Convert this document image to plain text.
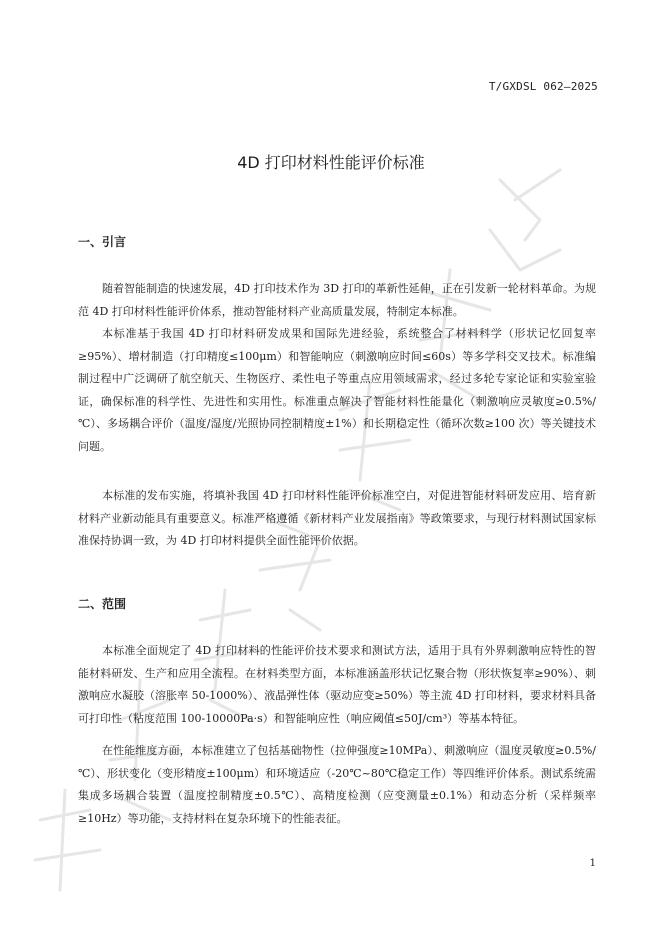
T/GXDSL 062—2025
4D 打印材料性能评价标准
一、引言

随着智能制造的快速发展，4D 打印技术作为 3D 打印的革新性延伸，正在引发新一轮材料革命。为规范 4D 打印材料性能评价体系，推动智能材料产业高质量发展，特制定本标准。

本标准基于我国 4D 打印材料研发成果和国际先进经验，系统整合了材料科学（形状记忆回复率≥95%）、增材制造（打印精度≤100μm）和智能响应（刺激响应时间≤60s）等多学科交叉技术。标准编制过程中广泛调研了航空航天、生物医疗、柔性电子等重点应用领域需求，经过多轮专家论证和实验室验证，确保标准的科学性、先进性和实用性。标准重点解决了智能材料性能量化（刺激响应灵敏度≥0.5%/℃）、多场耦合评价（温度/湿度/光照协同控制精度±1%）和长期稳定性（循环次数≥100 次）等关键技术问题。

本标准的发布实施，将填补我国 4D 打印材料性能评价标准空白，对促进智能材料研发应用、培育新材料产业新动能具有重要意义。标准严格遵循《新材料产业发展指南》等政策要求，与现行材料测试国家标准保持协调一致，为 4D 打印材料提供全面性能评价依据。

二、范围

本标准全面规定了 4D 打印材料的性能评价技术要求和测试方法，适用于具有外界刺激响应特性的智能材料研发、生产和应用全流程。在材料类型方面，本标准涵盖形状记忆聚合物（形状恢复率≥90%）、刺激响应水凝胶（溶胀率 50-1000%）、液晶弹性体（驱动应变≥50%）等主流 4D 打印材料，要求材料具备可打印性（粘度范围 100-10000Pa·s）和智能响应性（响应阈值≤50J/cm³）等基本特征。

在性能维度方面，本标准建立了包括基础物性（拉伸强度≥10MPa）、刺激响应（温度灵敏度≥0.5%/℃）、形状变化（变形精度±100μm）和环境适应（-20℃~80℃稳定工作）等四维评价体系。测试系统需集成多场耦合装置（温度控制精度±0.5℃）、高精度检测（应变测量±0.1%）和动态分析（采样频率≥10Hz）等功能，支持材料在复杂环境下的性能表征。

1
